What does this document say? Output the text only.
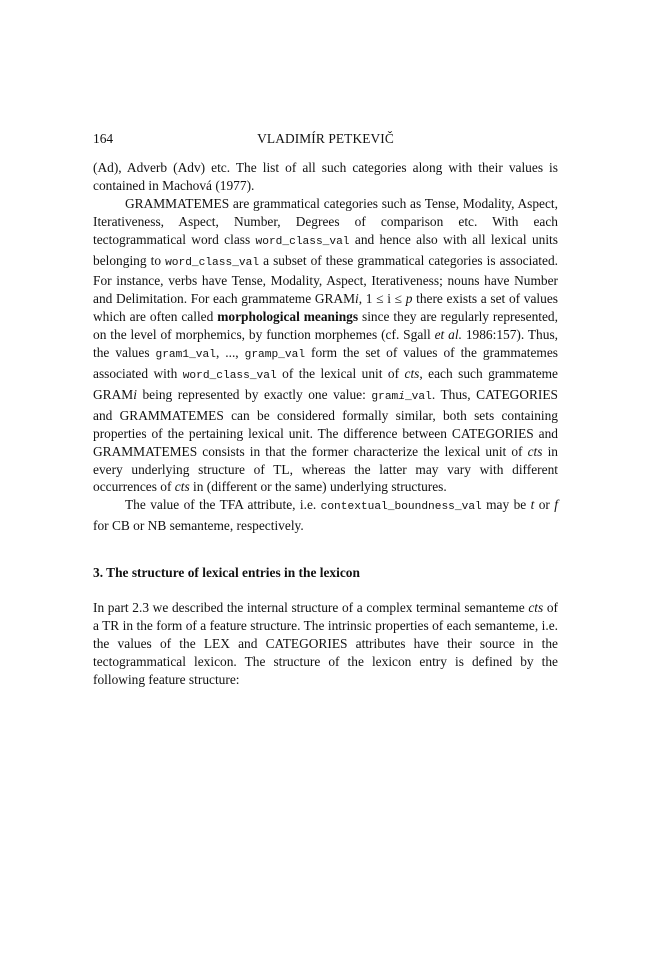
164	VLADIMÍR PETKEVIČ

(Ad), Adverb (Adv) etc. The list of all such categories along with their values is contained in Machová (1977).

GRAMMATEMES are grammatical categories such as Tense, Modality, Aspect, Iterativeness, Aspect, Number, Degrees of comparison etc. With each tectogrammatical word class word_class_val and hence also with all lexical units belonging to word_class_val a subset of these grammatical categories is associated. For instance, verbs have Tense, Modality, Aspect, Iterativeness; nouns have Number and Delimitation. For each grammateme GRAMi, 1 ≤ i ≤ p there exists a set of values which are often called morphological meanings since they are regularly represented, on the level of morphemics, by function morphemes (cf. Sgall et al. 1986:157). Thus, the values gram1_val, ..., gramp_val form the set of values of the grammatemes associated with word_class_val of the lexical unit of cts, each such grammateme GRAMi being represented by exactly one value: grami_val. Thus, CATEGORIES and GRAMMATEMES can be considered formally similar, both sets containing properties of the pertaining lexical unit. The difference between CATEGORIES and GRAMMATEMES consists in that the former characterize the lexical unit of cts in every underlying structure of TL, whereas the latter may vary with different occurrences of cts in (different or the same) underlying structures.

The value of the TFA attribute, i.e. contextual_boundness_val may be t or f for CB or NB semanteme, respectively.

3. The structure of lexical entries in the lexicon

In part 2.3 we described the internal structure of a complex terminal semanteme cts of a TR in the form of a feature structure. The intrinsic properties of each semanteme, i.e. the values of the LEX and CATEGORIES attributes have their source in the tectogrammatical lexicon. The structure of the lexicon entry is defined by the following feature structure:
